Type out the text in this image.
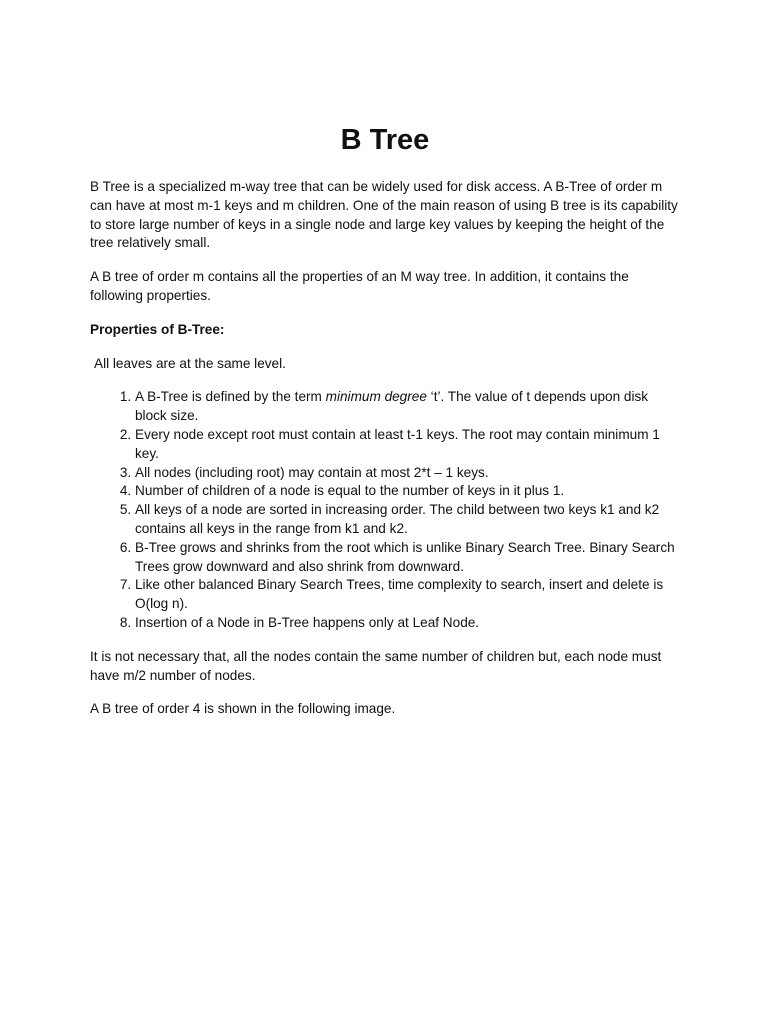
B Tree

B Tree is a specialized m-way tree that can be widely used for disk access. A B-Tree of order m can have at most m-1 keys and m children. One of the main reason of using B tree is its capability to store large number of keys in a single node and large key values by keeping the height of the tree relatively small.

A B tree of order m contains all the properties of an M way tree. In addition, it contains the following properties.

Properties of B-Tree:

All leaves are at the same level.

1. A B-Tree is defined by the term minimum degree ‘t’. The value of t depends upon disk block size.
2. Every node except root must contain at least t-1 keys. The root may contain minimum 1 key.
3. All nodes (including root) may contain at most 2*t – 1 keys.
4. Number of children of a node is equal to the number of keys in it plus 1.
5. All keys of a node are sorted in increasing order. The child between two keys k1 and k2 contains all keys in the range from k1 and k2.
6. B-Tree grows and shrinks from the root which is unlike Binary Search Tree. Binary Search Trees grow downward and also shrink from downward.
7. Like other balanced Binary Search Trees, time complexity to search, insert and delete is O(log n).
8. Insertion of a Node in B-Tree happens only at Leaf Node.

It is not necessary that, all the nodes contain the same number of children but, each node must have m/2 number of nodes.

A B tree of order 4 is shown in the following image.
